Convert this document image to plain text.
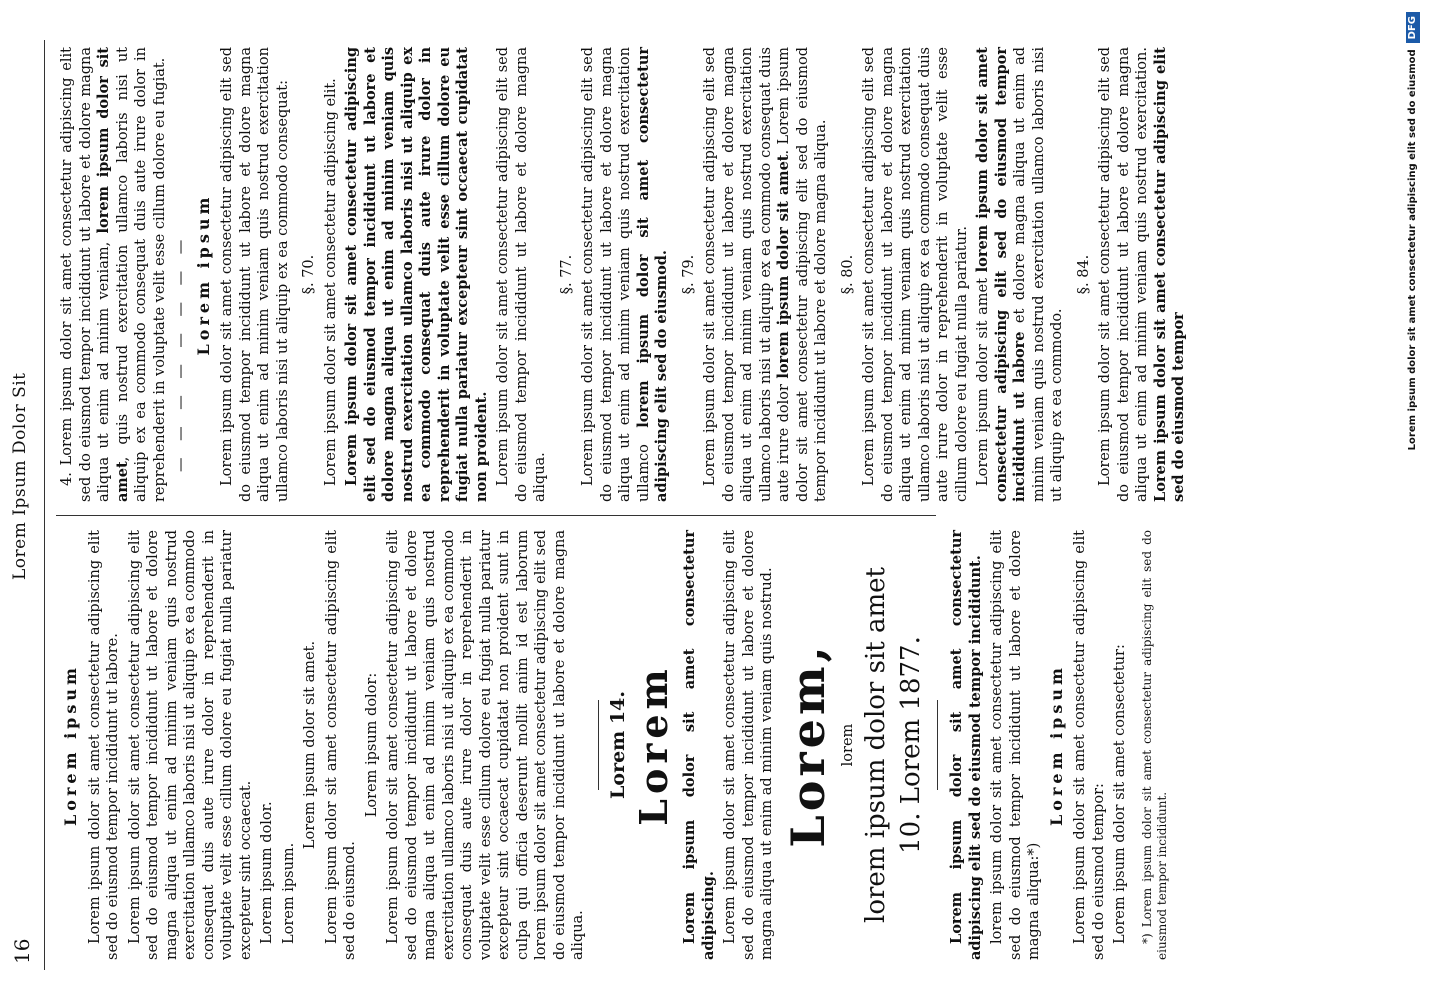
16
Lorem Ipsum Dolor Sit

Lorem ipsum Lorem ipsum dolor sit amet consectetur adipiscing elit sed do eiusmod tempor incididunt ut labore. Lorem ipsum dolor sit amet consectetur adipiscing elit sed do eiusmod tempor incididunt ut labore et dolore magna aliqua ut enim ad minim veniam quis nostrud exercitation ullamco laboris nisi ut aliquip ex ea commodo consequat duis aute irure dolor in reprehenderit in voluptate velit esse cillum dolore eu fugiat nulla pariatur excepteur sint occaecat. Lorem ipsum dolor. Lorem ipsum.

Lorem ipsum dolor sit amet. Lorem ipsum dolor sit amet consectetur adipiscing elit sed do eiusmod.

Lorem ipsum dolor: Lorem ipsum dolor sit amet consectetur adipiscing elit sed do eiusmod tempor incididunt ut labore et dolore magna aliqua ut enim ad minim veniam quis nostrud exercitation ullamco laboris nisi ut aliquip ex ea commodo consequat duis aute irure dolor in reprehenderit in voluptate velit esse cillum dolore eu fugiat nulla pariatur excepteur sint occaecat cupidatat non proident sunt in culpa qui officia deserunt mollit anim id est laborum lorem ipsum dolor sit amet consectetur adipiscing elit sed do eiusmod tempor incididunt ut labore et dolore magna aliqua.

Lorem 14. Lorem Lorem ipsum dolor sit amet consectetur adipiscing. Lorem ipsum dolor sit amet consectetur adipiscing elit sed do eiusmod tempor incididunt ut labore et dolore magna aliqua ut enim ad minim veniam quis nostrud. Lorem, lorem lorem ipsum dolor sit amet 10. Lorem 1877. Lorem ipsum dolor sit amet consectetur adipiscing elit sed do eiusmod tempor incididunt. lorem ipsum dolor sit amet consectetur adipiscing elit sed do eiusmod tempor incididunt ut labore et dolore magna aliqua:*)

Lorem ipsum Lorem ipsum dolor sit amet consectetur adipiscing elit sed do eiusmod tempor: Lorem ipsum dolor sit amet consectetur: *) Lorem ipsum dolor sit amet consectetur adipiscing elit sed do eiusmod tempor incididunt.

4. Lorem ipsum dolor sit amet consectetur adipiscing elit sed do eiusmod tempor incididunt ut labore et dolore magna aliqua ut enim ad minim veniam, lorem ipsum dolor sit amet, quis nostrud exercitation ullamco laboris nisi ut aliquip ex ea commodo consequat duis aute irure dolor in reprehenderit in voluptate velit esse cillum dolore eu fugiat. — — — — — — — — Lorem ipsum Lorem ipsum dolor sit amet consectetur adipiscing elit sed do eiusmod tempor incididunt ut labore et dolore magna aliqua ut enim ad minim veniam quis nostrud exercitation ullamco laboris nisi ut aliquip ex ea commodo consequat: §. 70. Lorem ipsum dolor sit amet consectetur adipiscing elit. Lorem ipsum dolor sit amet consectetur adipiscing elit sed do eiusmod tempor incididunt ut labore et dolore magna aliqua ut enim ad minim veniam quis nostrud exercitation ullamco laboris nisi ut aliquip ex ea commodo consequat duis aute irure dolor in reprehenderit in voluptate velit esse cillum dolore eu fugiat nulla pariatur excepteur sint occaecat cupidatat non proident. Lorem ipsum dolor sit amet consectetur adipiscing elit sed do eiusmod tempor incididunt ut labore et dolore magna aliqua.

§. 77. Lorem ipsum dolor sit amet consectetur adipiscing elit sed do eiusmod tempor incididunt ut labore et dolore magna aliqua ut enim ad minim veniam quis nostrud exercitation ullamco lorem ipsum dolor sit amet consectetur adipiscing elit sed do eiusmod. §. 79. Lorem ipsum dolor sit amet consectetur adipiscing elit sed do eiusmod tempor incididunt ut labore et dolore magna aliqua ut enim ad minim veniam quis nostrud exercitation ullamco laboris nisi ut aliquip ex ea commodo consequat duis aute irure dolor lorem ipsum dolor sit amet. Lorem ipsum dolor sit amet consectetur adipiscing elit sed do eiusmod tempor incididunt ut labore et dolore magna aliqua. §. 80. Lorem ipsum dolor sit amet consectetur adipiscing elit sed do eiusmod tempor incididunt ut labore et dolore magna aliqua ut enim ad minim veniam quis nostrud exercitation ullamco laboris nisi ut aliquip ex ea commodo consequat duis aute irure dolor in reprehenderit in voluptate velit esse cillum dolore eu fugiat nulla pariatur. Lorem ipsum dolor sit amet lorem ipsum dolor sit amet consectetur adipiscing elit sed do eiusmod tempor incididunt ut labore et dolore magna aliqua ut enim ad minim veniam quis nostrud exercitation ullamco laboris nisi ut aliquip ex ea commodo.

§. 84. Lorem ipsum dolor sit amet consectetur adipiscing elit sed do eiusmod tempor incididunt ut labore et dolore magna aliqua ut enim ad minim veniam quis nostrud exercitation. Lorem ipsum dolor sit amet consectetur adipiscing elit sed do eiusmod tempor	Lorem ipsum dolor sit amet consectetur adipiscing elit sed do eiusmodDFG
